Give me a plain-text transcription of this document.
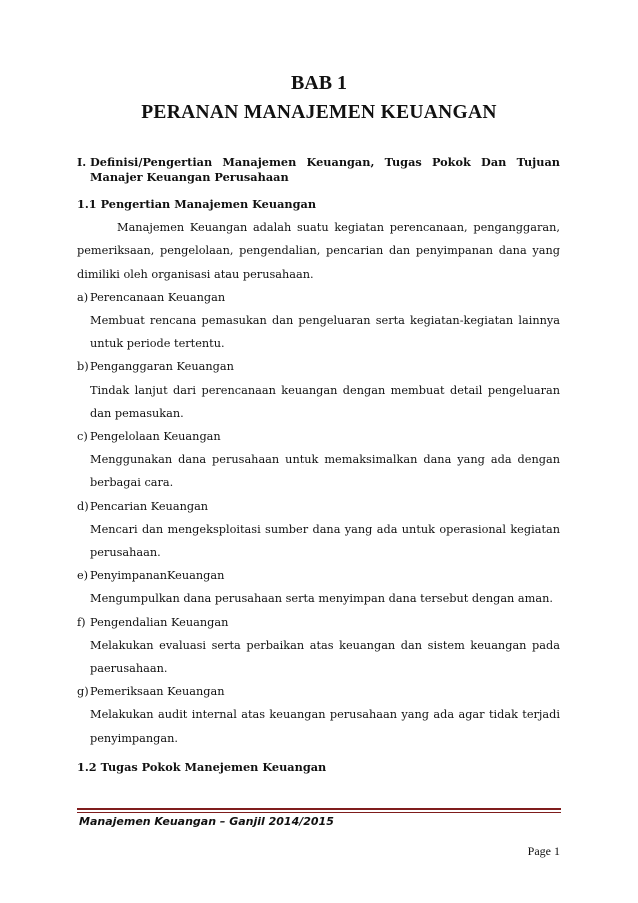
BAB 1
PERANAN MANAJEMEN KEUANGAN
I. Definisi/Pengertian Manajemen Keuangan, Tugas Pokok Dan Tujuan Manajer Keuangan Perusahaan
1.1 Pengertian Manajemen Keuangan
Manajemen Keuangan adalah suatu kegiatan perencanaan, penganggaran, pemeriksaan, pengelolaan, pengendalian, pencarian dan penyimpanan dana yang dimiliki oleh organisasi atau perusahaan.
a) Perencanaan Keuangan
Membuat rencana pemasukan dan pengeluaran serta kegiatan-kegiatan lainnya untuk periode tertentu.
b) Penganggaran Keuangan
Tindak lanjut dari perencanaan keuangan dengan membuat detail pengeluaran dan pemasukan.
c) Pengelolaan Keuangan
Menggunakan dana perusahaan untuk memaksimalkan dana yang ada dengan berbagai cara.
d) Pencarian Keuangan
Mencari dan mengeksploitasi sumber dana yang ada untuk operasional kegiatan perusahaan.
e) PenyimpananKeuangan
Mengumpulkan dana perusahaan serta menyimpan dana tersebut dengan aman.
f) Pengendalian Keuangan
Melakukan evaluasi serta perbaikan atas keuangan dan sistem keuangan pada paerusahaan.
g) Pemeriksaan Keuangan
Melakukan audit internal atas keuangan perusahaan yang ada agar tidak terjadi penyimpangan.
1.2 Tugas Pokok Manejemen Keuangan
Manajemen Keuangan – Ganjil 2014/2015
Page 1
